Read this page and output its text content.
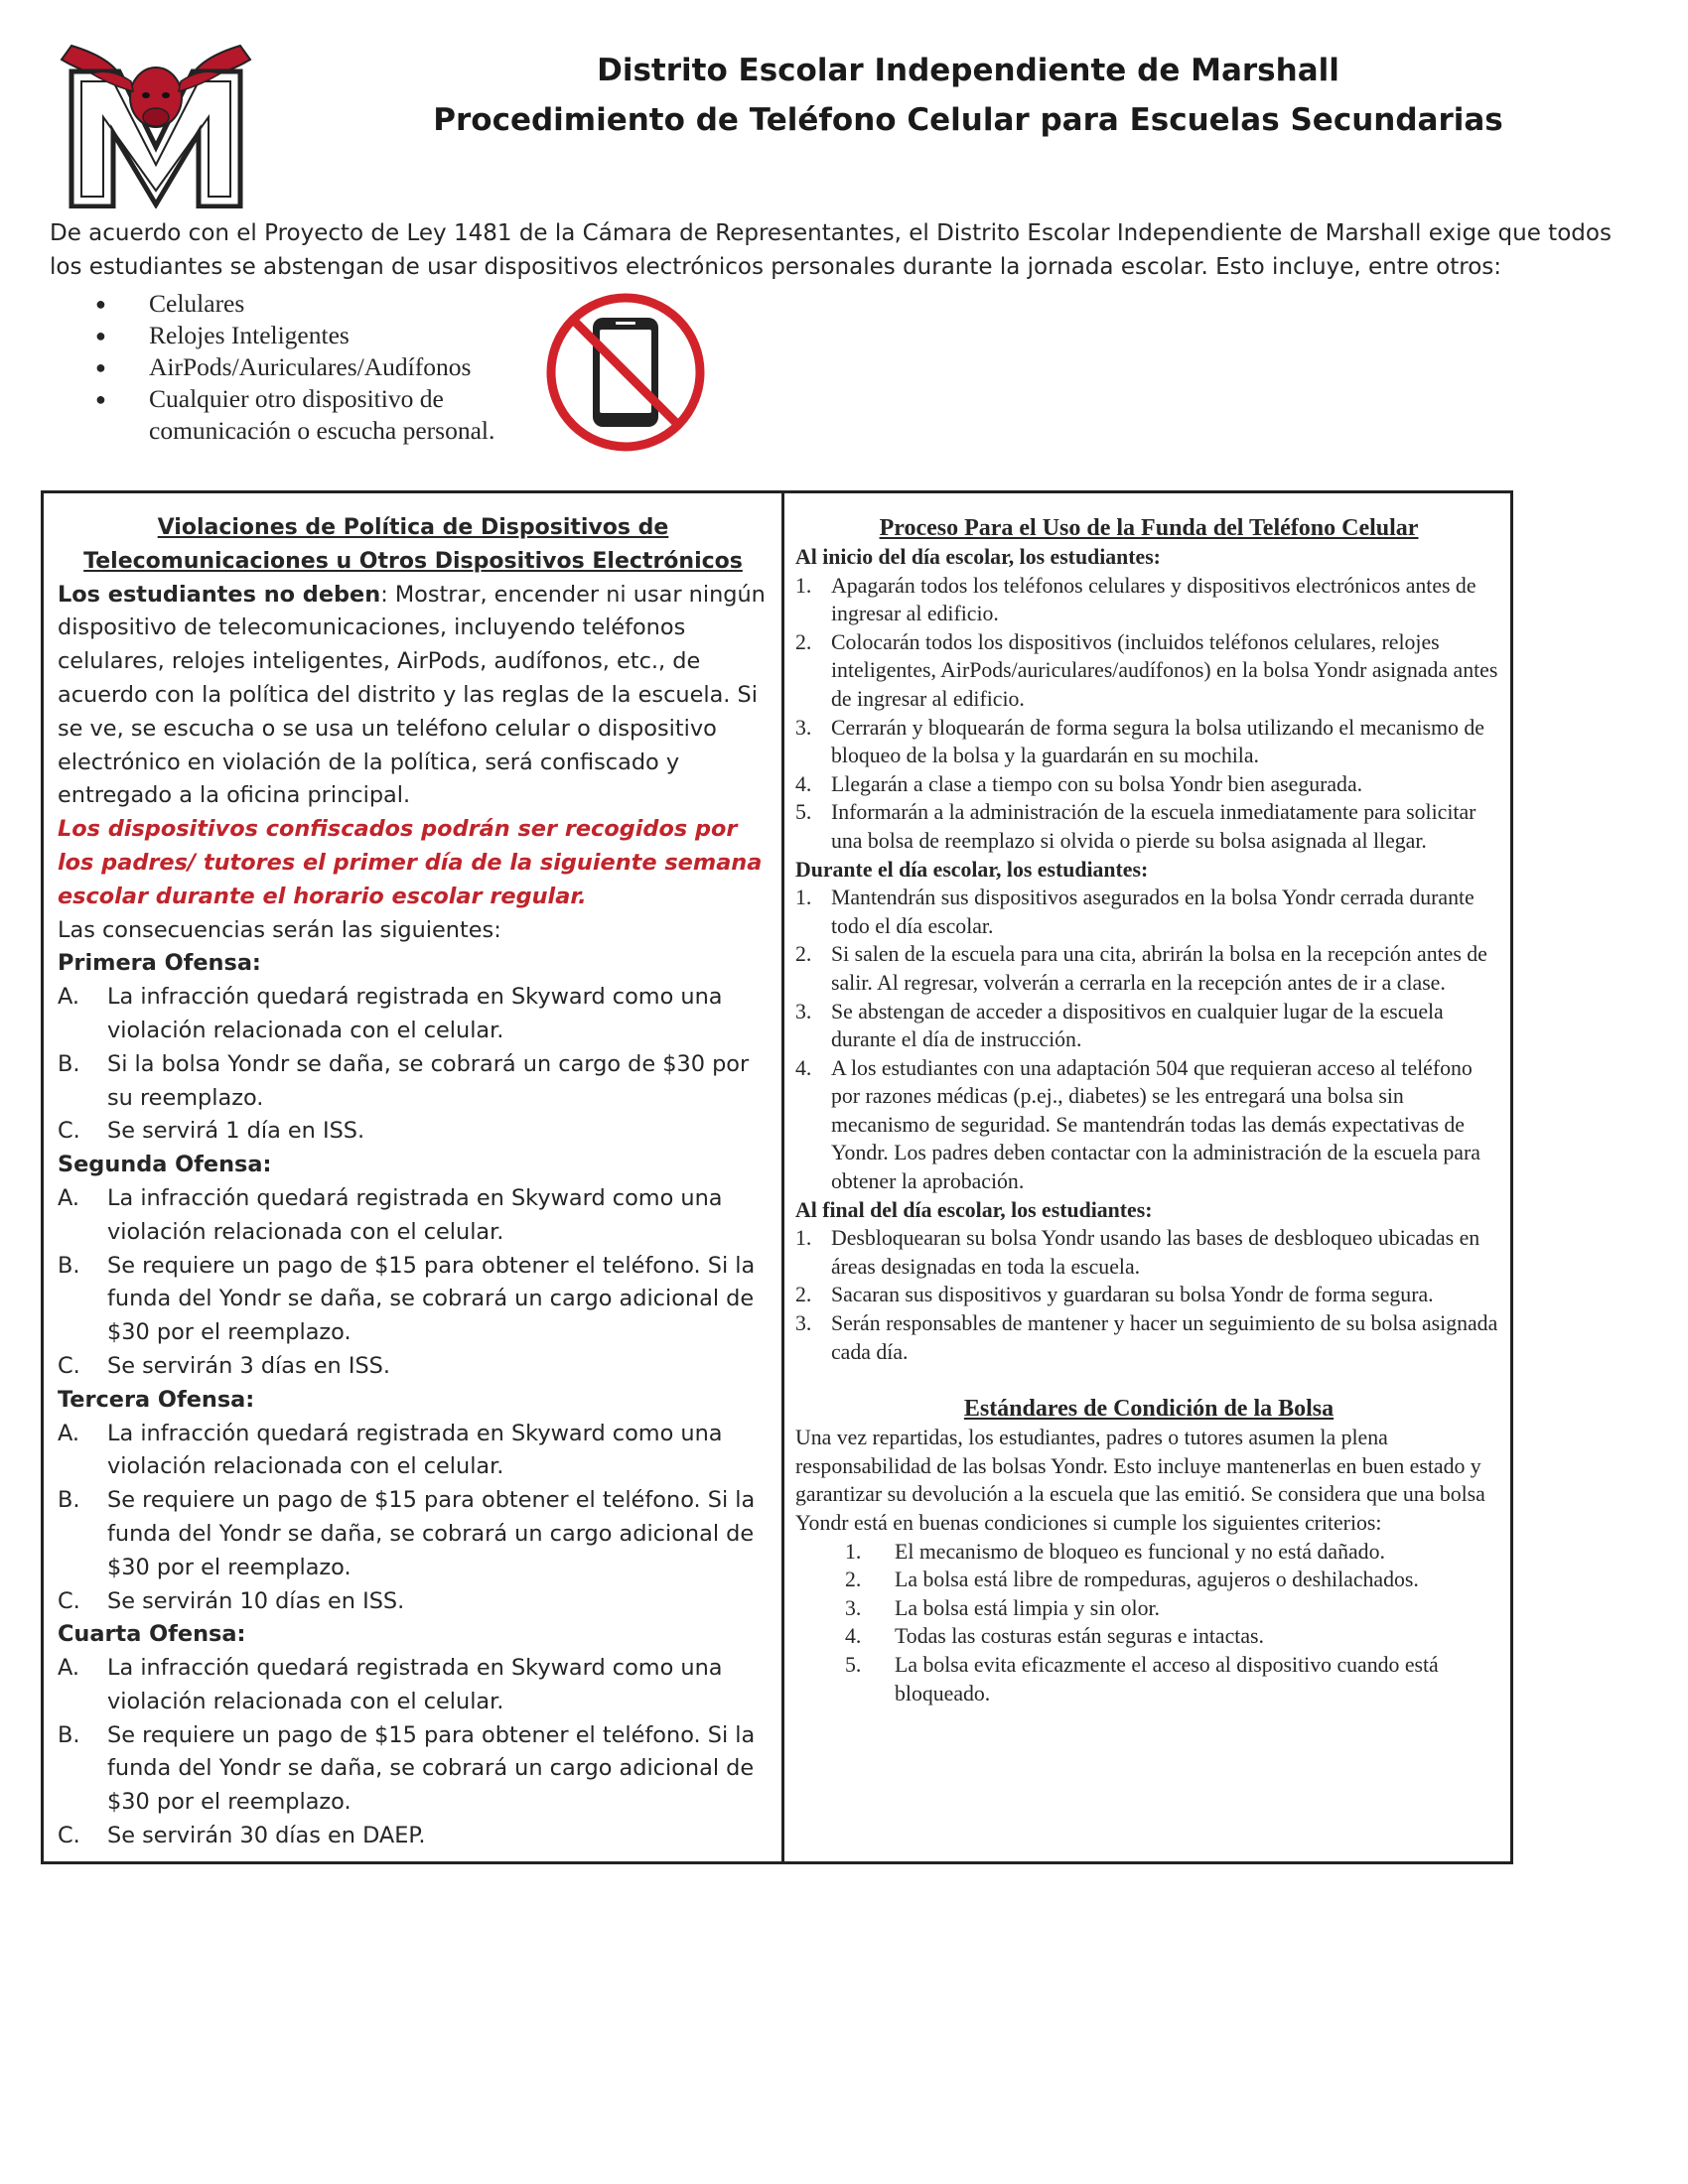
Distrito Escolar Independiente de Marshall
Procedimiento de Teléfono Celular para Escuelas Secundarias
De acuerdo con el Proyecto de Ley 1481 de la Cámara de Representantes, el Distrito Escolar Independiente de Marshall exige que todos los estudiantes se abstengan de usar dispositivos electrónicos personales durante la jornada escolar. Esto incluye, entre otros:
● Celulares
● Relojes Inteligentes
● AirPods/Auriculares/Audífonos
● Cualquier otro dispositivo de comunicación o escucha personal.
Violaciones de Política de Dispositivos de Telecomunicaciones u Otros Dispositivos Electrónicos
Los estudiantes no deben: Mostrar, encender ni usar ningún dispositivo de telecomunicaciones, incluyendo teléfonos celulares, relojes inteligentes, AirPods, audífonos, etc., de acuerdo con la política del distrito y las reglas de la escuela. Si se ve, se escucha o se usa un teléfono celular o dispositivo electrónico en violación de la política, será confiscado y entregado a la oficina principal.
Los dispositivos confiscados podrán ser recogidos por los padres/ tutores el primer día de la siguiente semana escolar durante el horario escolar regular.
Las consecuencias serán las siguientes:
Primera Ofensa:
A. La infracción quedará registrada en Skyward como una violación relacionada con el celular.
B. Si la bolsa Yondr se daña, se cobrará un cargo de $30 por su reemplazo.
C. Se servirá 1 día en ISS.
Segunda Ofensa:
A. La infracción quedará registrada en Skyward como una violación relacionada con el celular.
B. Se requiere un pago de $15 para obtener el teléfono. Si la funda del Yondr se daña, se cobrará un cargo adicional de $30 por el reemplazo.
C. Se servirán 3 días en ISS.
Tercera Ofensa:
A. La infracción quedará registrada en Skyward como una violación relacionada con el celular.
B. Se requiere un pago de $15 para obtener el teléfono. Si la funda del Yondr se daña, se cobrará un cargo adicional de $30 por el reemplazo.
C. Se servirán 10 días en ISS.
Cuarta Ofensa:
A. La infracción quedará registrada en Skyward como una violación relacionada con el celular.
B. Se requiere un pago de $15 para obtener el teléfono. Si la funda del Yondr se daña, se cobrará un cargo adicional de $30 por el reemplazo.
C. Se servirán 30 días en DAEP.
Proceso Para el Uso de la Funda del Teléfono Celular
Al inicio del día escolar, los estudiantes:
1. Apagarán todos los teléfonos celulares y dispositivos electrónicos antes de ingresar al edificio.
2. Colocarán todos los dispositivos (incluidos teléfonos celulares, relojes inteligentes, AirPods/auriculares/audífonos) en la bolsa Yondr asignada antes de ingresar al edificio.
3. Cerrarán y bloquearán de forma segura la bolsa utilizando el mecanismo de bloqueo de la bolsa y la guardarán en su mochila.
4. Llegarán a clase a tiempo con su bolsa Yondr bien asegurada.
5. Informarán a la administración de la escuela inmediatamente para solicitar una bolsa de reemplazo si olvida o pierde su bolsa asignada al llegar.
Durante el día escolar, los estudiantes:
1. Mantendrán sus dispositivos asegurados en la bolsa Yondr cerrada durante todo el día escolar.
2. Si salen de la escuela para una cita, abrirán la bolsa en la recepción antes de salir. Al regresar, volverán a cerrarla en la recepción antes de ir a clase.
3. Se abstengan de acceder a dispositivos en cualquier lugar de la escuela durante el día de instrucción.
4. A los estudiantes con una adaptación 504 que requieran acceso al teléfono por razones médicas (p.ej., diabetes) se les entregará una bolsa sin mecanismo de seguridad. Se mantendrán todas las demás expectativas de Yondr. Los padres deben contactar con la administración de la escuela para obtener la aprobación.
Al final del día escolar, los estudiantes:
1. Desbloquearan su bolsa Yondr usando las bases de desbloqueo ubicadas en áreas designadas en toda la escuela.
2. Sacaran sus dispositivos y guardaran su bolsa Yondr de forma segura.
3. Serán responsables de mantener y hacer un seguimiento de su bolsa asignada cada día.
Estándares de Condición de la Bolsa
Una vez repartidas, los estudiantes, padres o tutores asumen la plena responsabilidad de las bolsas Yondr. Esto incluye mantenerlas en buen estado y garantizar su devolución a la escuela que las emitió. Se considera que una bolsa Yondr está en buenas condiciones si cumple los siguientes criterios:
1. El mecanismo de bloqueo es funcional y no está dañado.
2. La bolsa está libre de rompeduras, agujeros o deshilachados.
3. La bolsa está limpia y sin olor.
4. Todas las costuras están seguras e intactas.
5. La bolsa evita eficazmente el acceso al dispositivo cuando está bloqueado.
